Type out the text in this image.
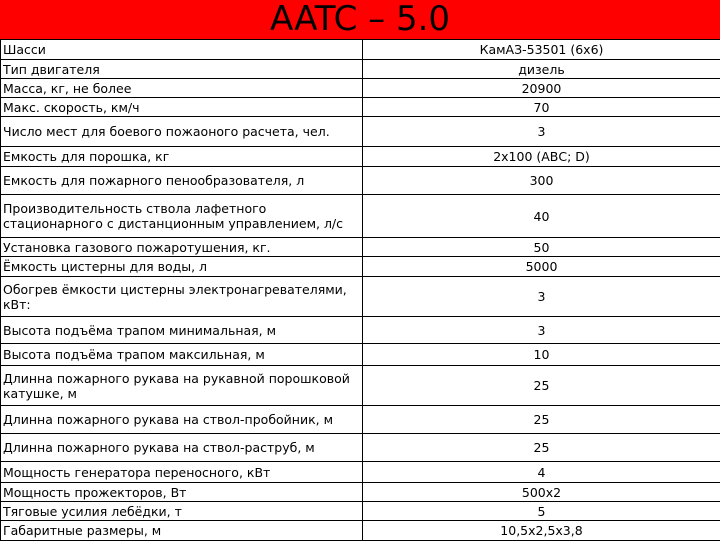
AATC – 5.0
Шасси	КамАЗ-53501 (6х6)
Тип двигателя	дизель
Масса, кг, не более	20900
Макс. скорость, км/ч	70
Число мест для боевого пожаоного расчета, чел.	3
Емкость для порошка, кг	2х100 (АВС; D)
Емкость для пожарного пенообразователя, л	300
Производительность ствола лафетного стационарного с дистанционным управлением, л/с	40
Установка газового пожаротушения, кг.	50
Ёмкость цистерны для воды, л	5000
Обогрев ёмкости цистерны электронагревателями, кВт:	3
Высота подъёма трапом минимальная, м	3
Высота подъёма трапом максильная, м	10
Длинна пожарного рукава на рукавной порошковой катушке, м	25
Длинна пожарного рукава на ствол-пробойник, м	25
Длинна пожарного рукава на ствол-раструб, м	25
Мощность генератора переносного, кВт	4
Мощность прожекторов, Вт	500х2
Тяговые усилия лебёдки, т	5
Габаритные размеры, м	10,5х2,5х3,8
